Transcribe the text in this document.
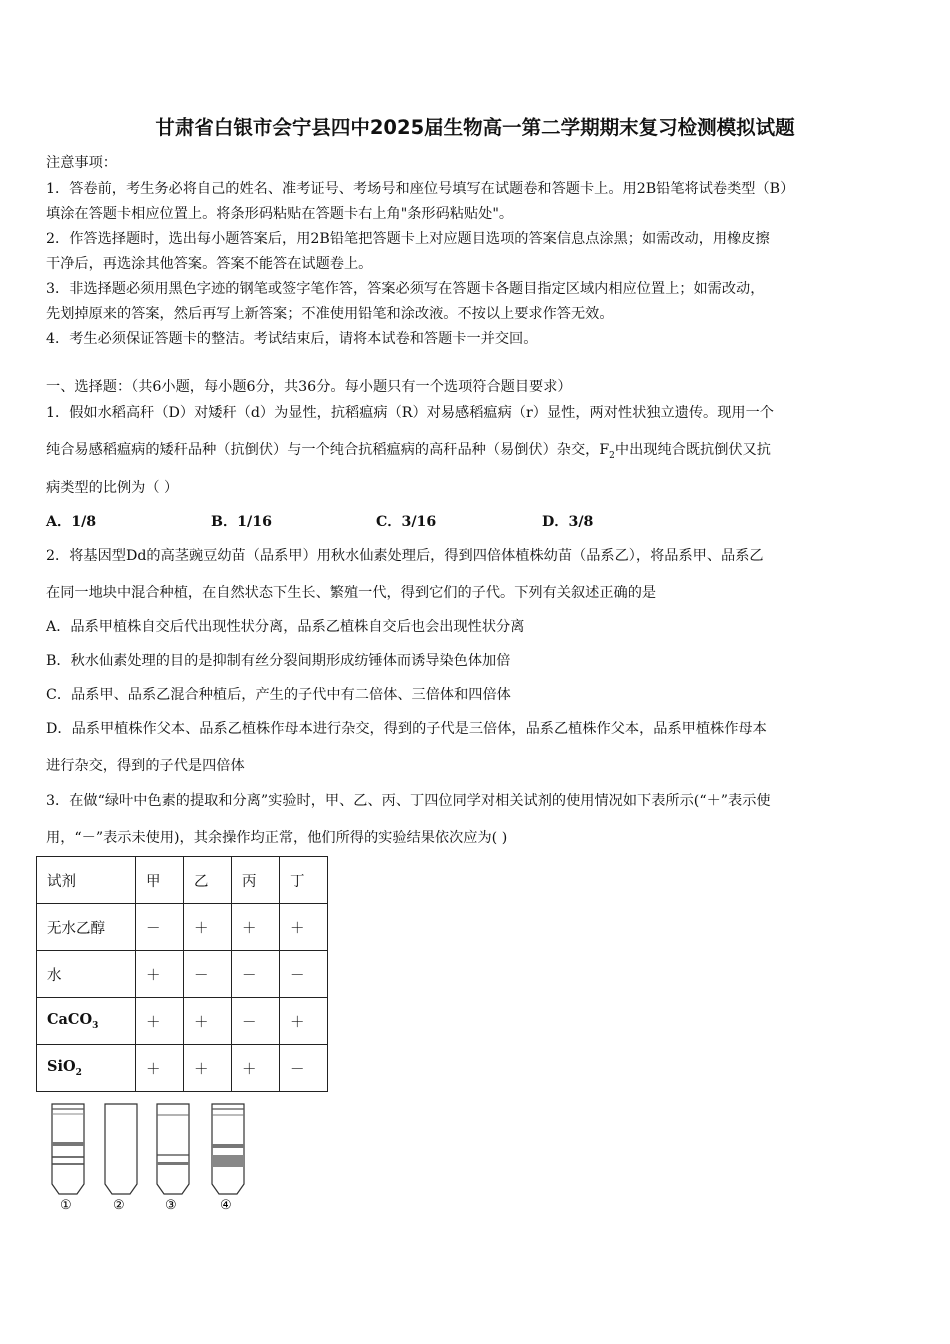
甘肃省白银市会宁县四中2025届生物高一第二学期期末复习检测模拟试题
注意事项：
1．答卷前，考生务必将自己的姓名、准考证号、考场号和座位号填写在试题卷和答题卡上。用2B铅笔将试卷类型（B）
填涂在答题卡相应位置上。将条形码粘贴在答题卡右上角"条形码粘贴处"。
2．作答选择题时，选出每小题答案后，用2B铅笔把答题卡上对应题目选项的答案信息点涂黑；如需改动，用橡皮擦
干净后，再选涂其他答案。答案不能答在试题卷上。
3．非选择题必须用黑色字迹的钢笔或签字笔作答，答案必须写在答题卡各题目指定区域内相应位置上；如需改动，
先划掉原来的答案，然后再写上新答案；不准使用铅笔和涂改液。不按以上要求作答无效。
4．考生必须保证答题卡的整洁。考试结束后，请将本试卷和答题卡一并交回。
一、选择题：（共6小题，每小题6分，共36分。每小题只有一个选项符合题目要求）
1．假如水稻高秆（D）对矮秆（d）为显性，抗稻瘟病（R）对易感稻瘟病（r）显性，两对性状独立遗传。现用一个
纯合易感稻瘟病的矮秆品种（抗倒伏）与一个纯合抗稻瘟病的高秆品种（易倒伏）杂交，$F_2$中出现纯合既抗倒伏又抗
病类型的比例为（ ）
A．1/8	B．1/16	C．3/16	D．3/8
2．将基因型Dd的高茎豌豆幼苗（品系甲）用秋水仙素处理后，得到四倍体植株幼苗（品系乙），将品系甲、品系乙
在同一地块中混合种植，在自然状态下生长、繁殖一代，得到它们的子代。下列有关叙述正确的是
A．品系甲植株自交后代出现性状分离，品系乙植株自交后也会出现性状分离
B．秋水仙素处理的目的是抑制有丝分裂间期形成纺锤体而诱导染色体加倍
C．品系甲、品系乙混合种植后，产生的子代中有二倍体、三倍体和四倍体
D．品系甲植株作父本、品系乙植株作母本进行杂交，得到的子代是三倍体，品系乙植株作父本，品系甲植株作母本
进行杂交，得到的子代是四倍体
3．在做“绿叶中色素的提取和分离”实验时，甲、乙、丙、丁四位同学对相关试剂的使用情况如下表所示(“＋”表示使
用，“－”表示未使用)，其余操作均正常，他们所得的实验结果依次应为( )
试剂	甲	乙	丙	丁
无水乙醇	－	＋	＋	＋
水	＋	－	－	－
CaCO$_3$	＋	＋	－	＋
SiO$_2$	＋	＋	＋	－
①	②	③	④
